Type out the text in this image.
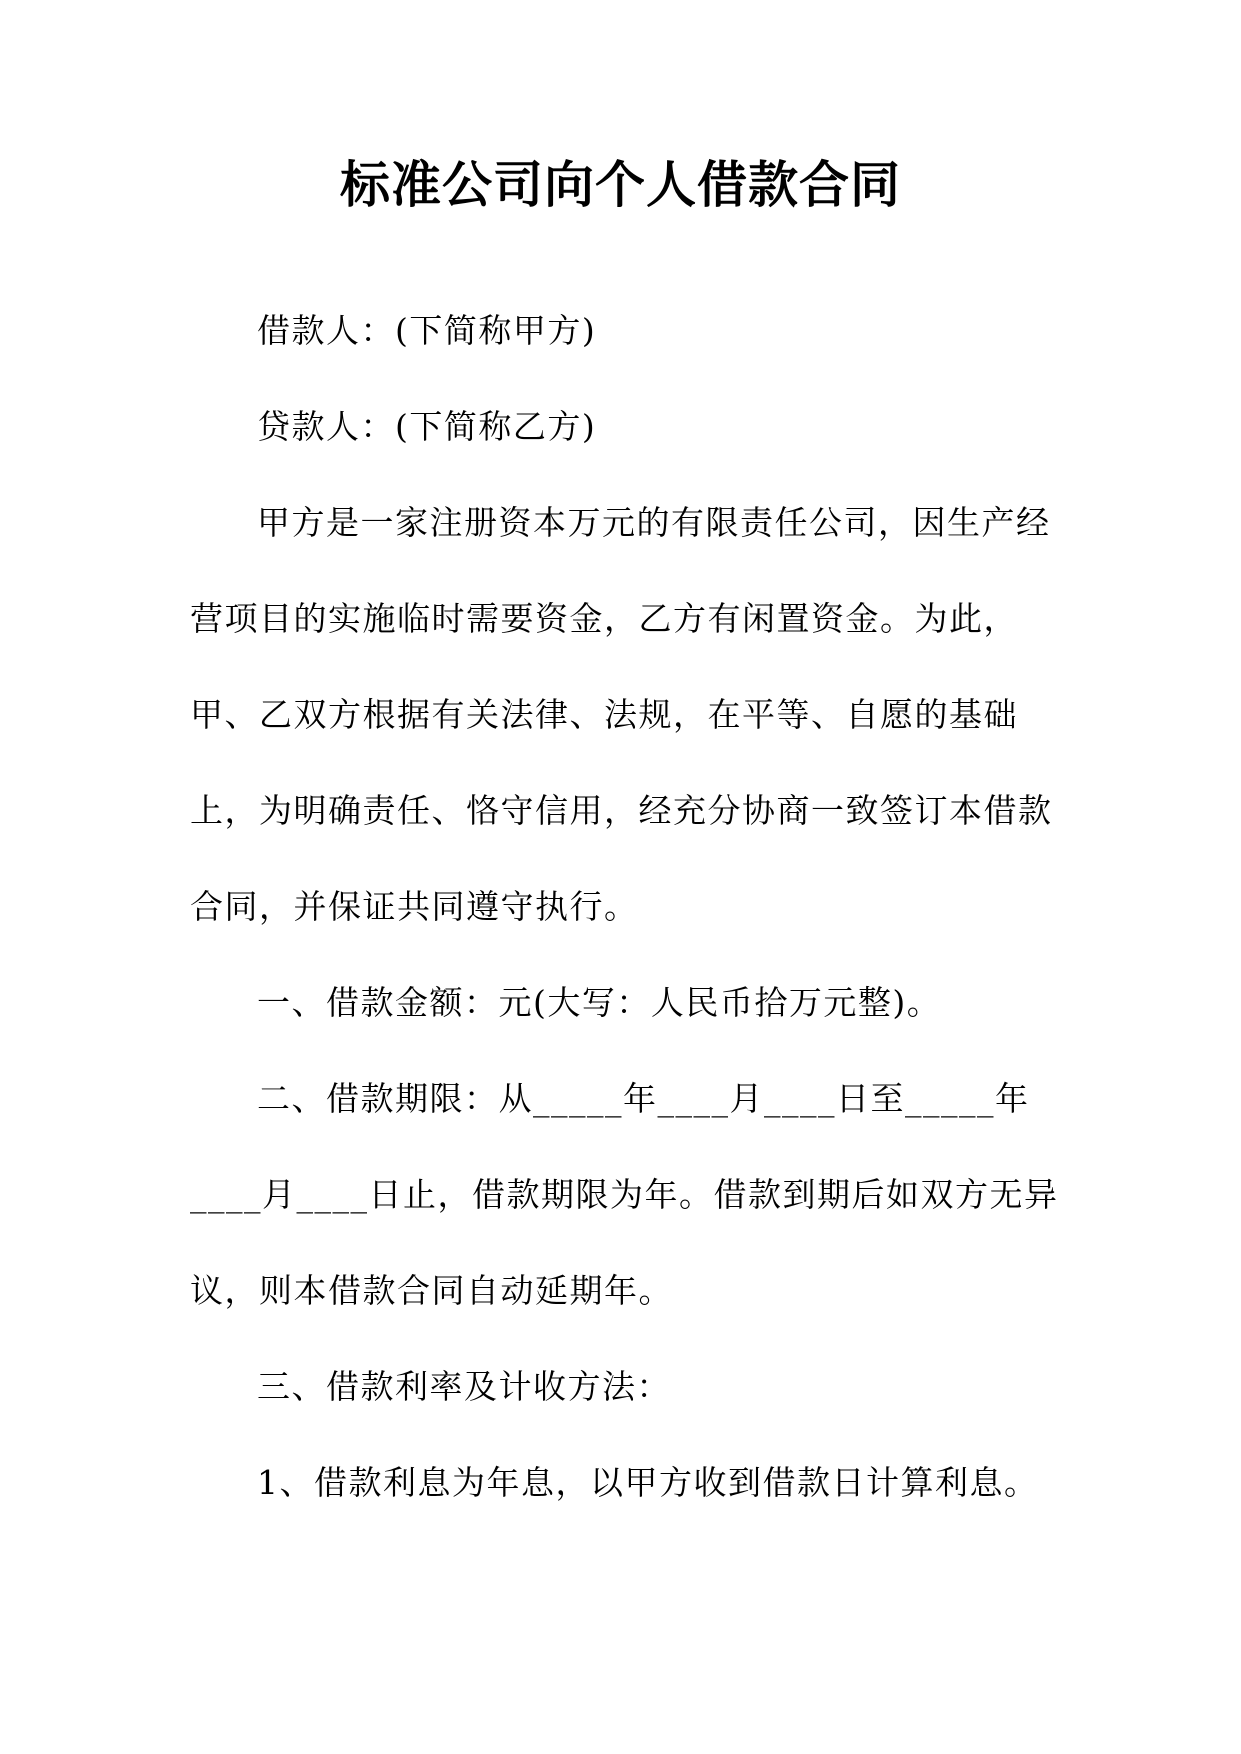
标准公司向个人借款合同
借款人：(下简称甲方)
贷款人：(下简称乙方)
甲方是一家注册资本万元的有限责任公司，因生产经
营项目的实施临时需要资金，乙方有闲置资金。为此，
甲、乙双方根据有关法律、法规，在平等、自愿的基础
上，为明确责任、恪守信用，经充分协商一致签订本借款
合同，并保证共同遵守执行。
一、借款金额：元(大写：人民币拾万元整)。
二、借款期限：从_____年____月____日至_____年
____月____日止，借款期限为年。借款到期后如双方无异
议，则本借款合同自动延期年。
三、借款利率及计收方法：
1、借款利息为年息，以甲方收到借款日计算利息。
